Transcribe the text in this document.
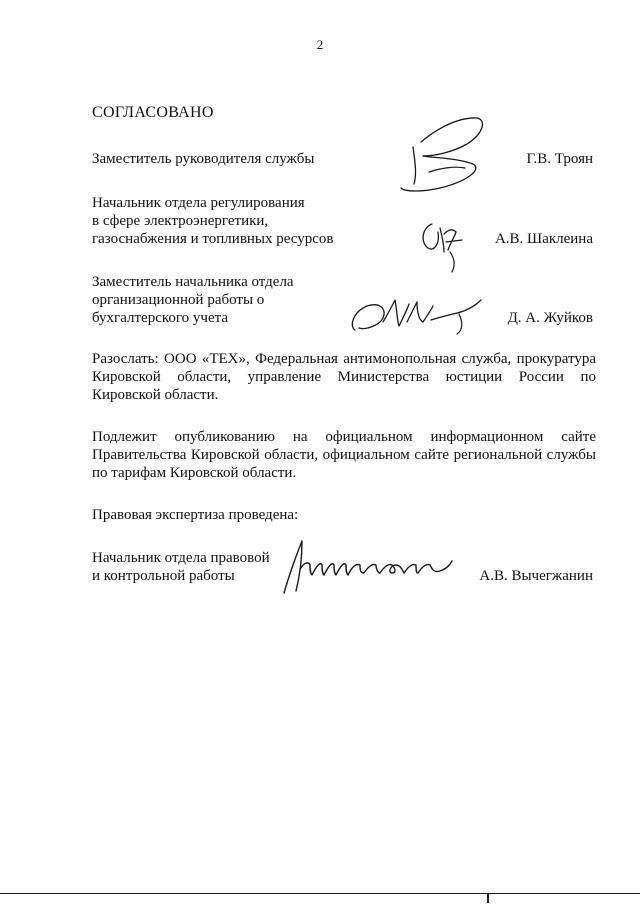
2
СОГЛАСОВАНО
Заместитель руководителя службы	Г.В. Троян
Начальник отдела регулирования
в сфере электроэнергетики,
газоснабжения и топливных ресурсов	А.В. Шаклеина
Заместитель начальника отдела
организационной работы о
бухгалтерского учета	Д. А. Жуйков
Разослать: ООО «ТЕХ», Федеральная антимонопольная служба, прокуратура
Кировской области, управление Министерства юстиции России по
Кировской области.
Подлежит опубликованию на официальном информационном сайте
Правительства Кировской области, официальном сайте региональной службы
по тарифам Кировской области.
Правовая экспертиза проведена:
Начальник отдела правовой
и контрольной работы	А.В. Вычегжанин
